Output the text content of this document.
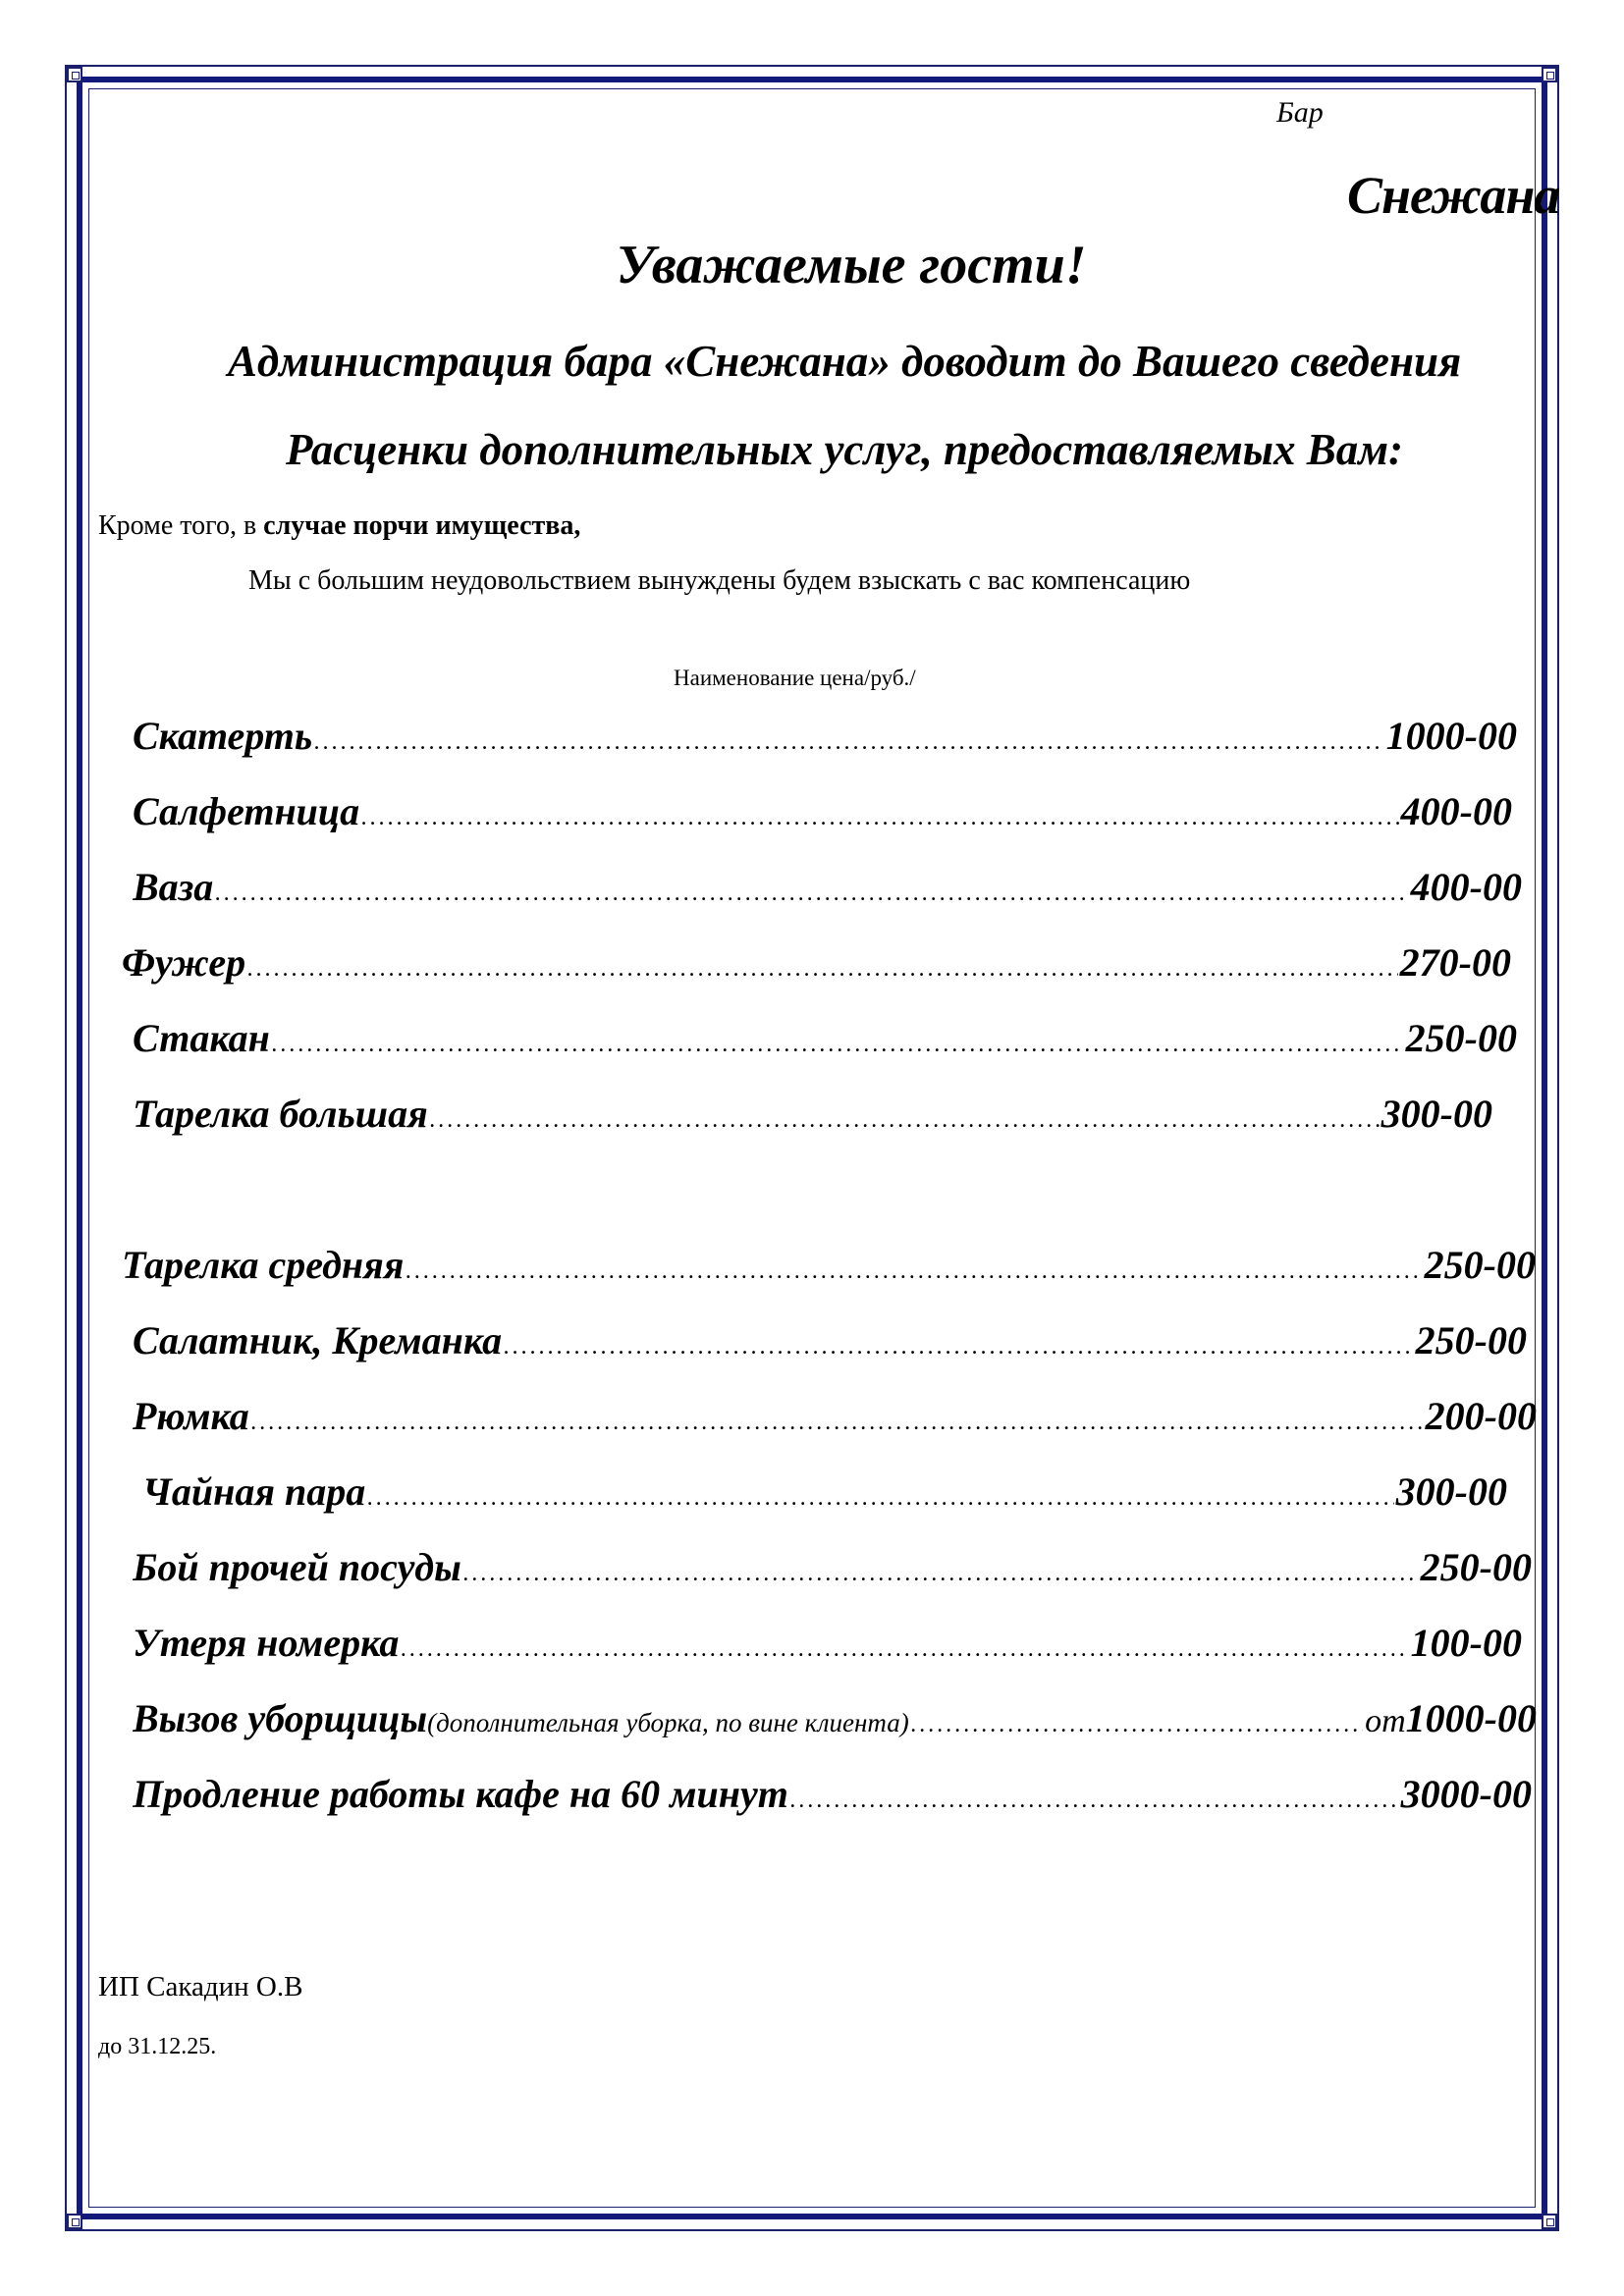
Бар
Снежана
Уважаемые гости!
Администрация бара «Снежана» доводит до Вашего сведения
Расценки дополнительных услуг, предоставляемых Вам:
Кроме того, в случае порчи имущества,
Мы с большим неудовольствием вынуждены будем взыскать с вас компенсацию
Наименование цена/руб./
Скатерть .....	1000-00
Салфетница .....	400-00
Ваза .....	400-00
Фужер .....	270-00
Стакан .....	250-00
Тарелка большая .....	300-00
Тарелка средняя .....	250-00
Салатник, Креманка .....	250-00
Рюмка .....	200-00
Чайная пара .....	300-00
Бой прочей посуды .....	250-00
Утеря номерка .....	100-00
Вызов уборщицы (дополнительная уборка, по вине клиента) .....	от 1000-00
Продление работы кафе на 60 минут .....	3000-00
ИП Сакадин О.В
до 31.12.25.
